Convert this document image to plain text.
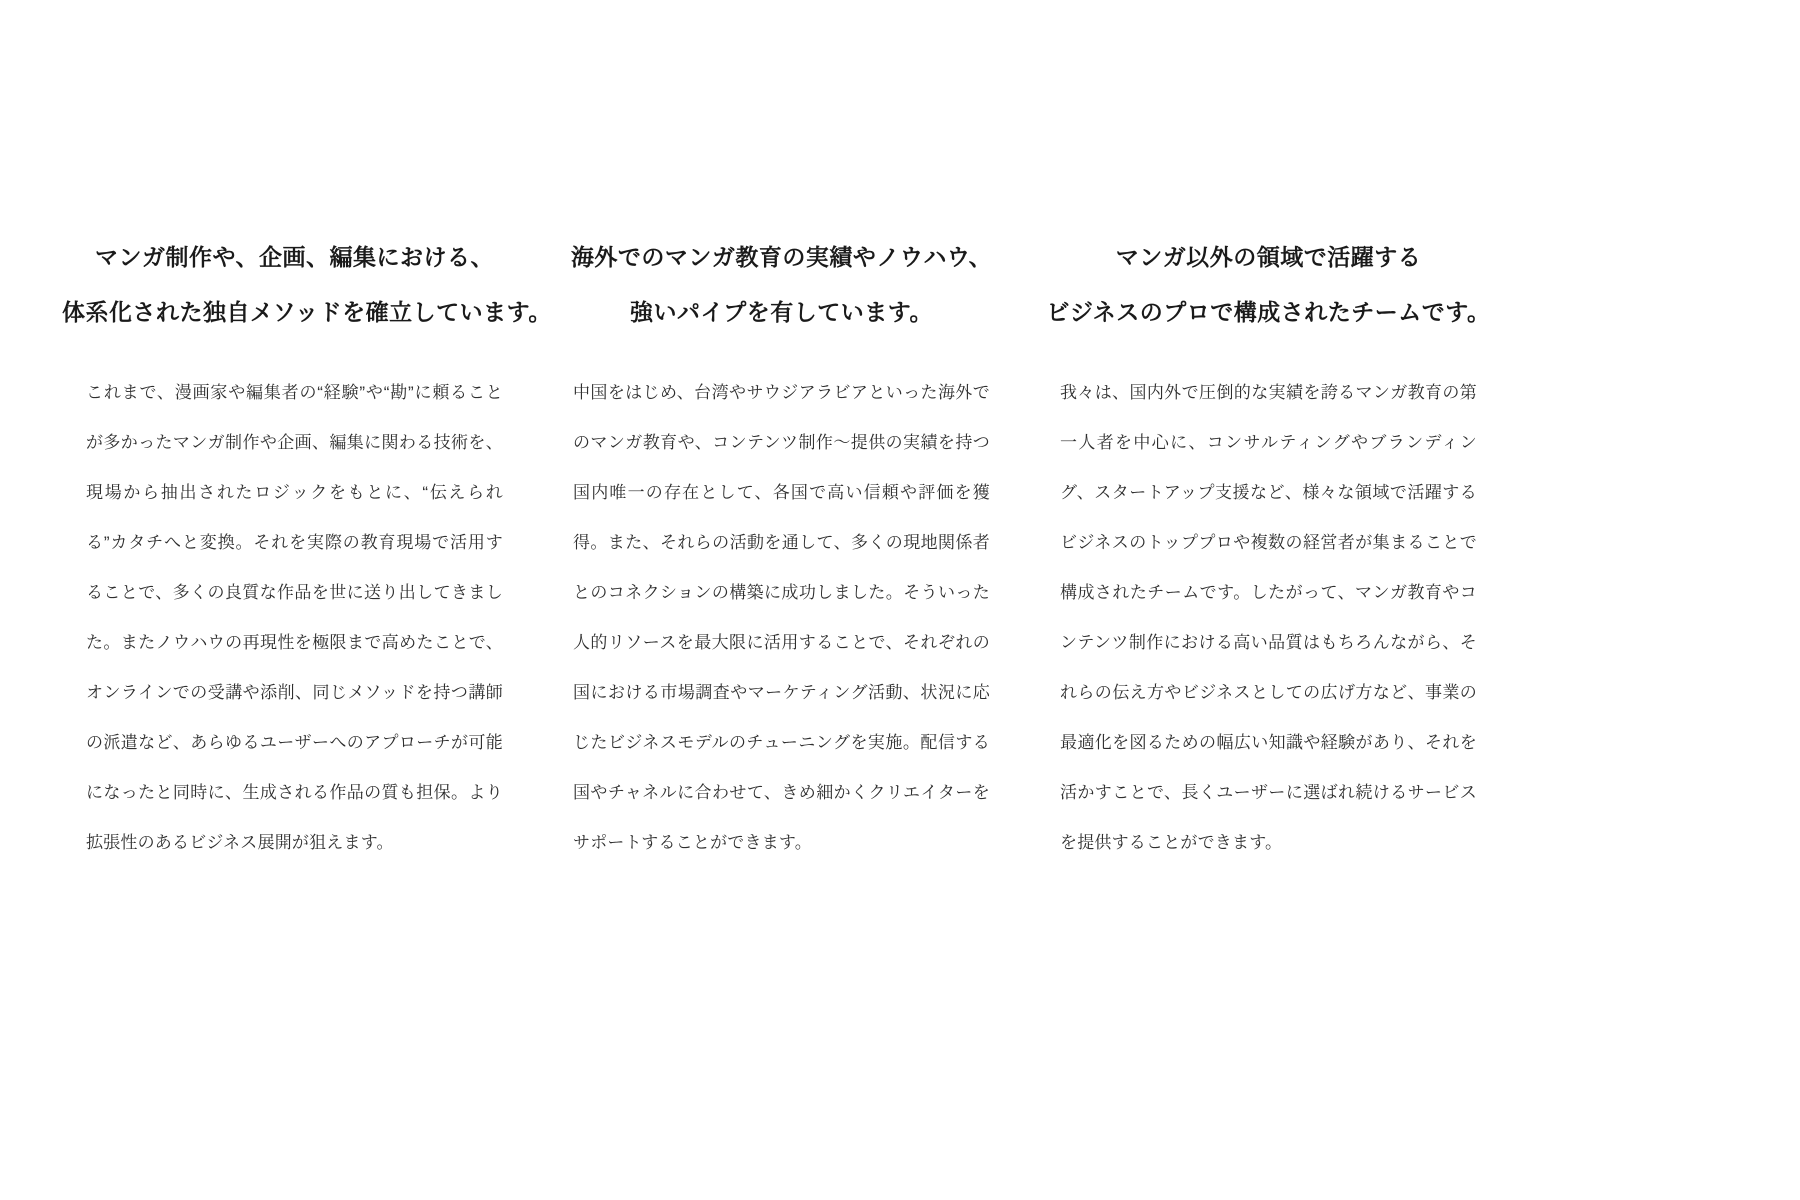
マンガ制作や、企画、編集における、
体系化された独自メソッドを確立しています。

これまで、漫画家や編集者の“経験”や“勘”に頼ることが多かったマンガ制作や企画、編集に関わる技術を、現場から抽出されたロジックをもとに、“伝えられる”カタチへと変換。それを実際の教育現場で活用することで、多くの良質な作品を世に送り出してきました。またノウハウの再現性を極限まで高めたことで、オンラインでの受講や添削、同じメソッドを持つ講師の派遣など、あらゆるユーザーへのアプローチが可能になったと同時に、生成される作品の質も担保。より拡張性のあるビジネス展開が狙えます。

海外でのマンガ教育の実績やノウハウ、
強いパイプを有しています。

中国をはじめ、台湾やサウジアラビアといった海外でのマンガ教育や、コンテンツ制作〜提供の実績を持つ国内唯一の存在として、各国で高い信頼や評価を獲得。また、それらの活動を通して、多くの現地関係者とのコネクションの構築に成功しました。そういった人的リソースを最大限に活用することで、それぞれの国における市場調査やマーケティング活動、状況に応じたビジネスモデルのチューニングを実施。配信する国やチャネルに合わせて、きめ細かくクリエイターをサポートすることができます。

マンガ以外の領域で活躍する
ビジネスのプロで構成されたチームです。

我々は、国内外で圧倒的な実績を誇るマンガ教育の第一人者を中心に、コンサルティングやブランディング、スタートアップ支援など、様々な領域で活躍するビジネスのトッププロや複数の経営者が集まることで構成されたチームです。したがって、マンガ教育やコンテンツ制作における高い品質はもちろんながら、それらの伝え方やビジネスとしての広げ方など、事業の最適化を図るための幅広い知識や経験があり、それを活かすことで、長くユーザーに選ばれ続けるサービスを提供することができます。
